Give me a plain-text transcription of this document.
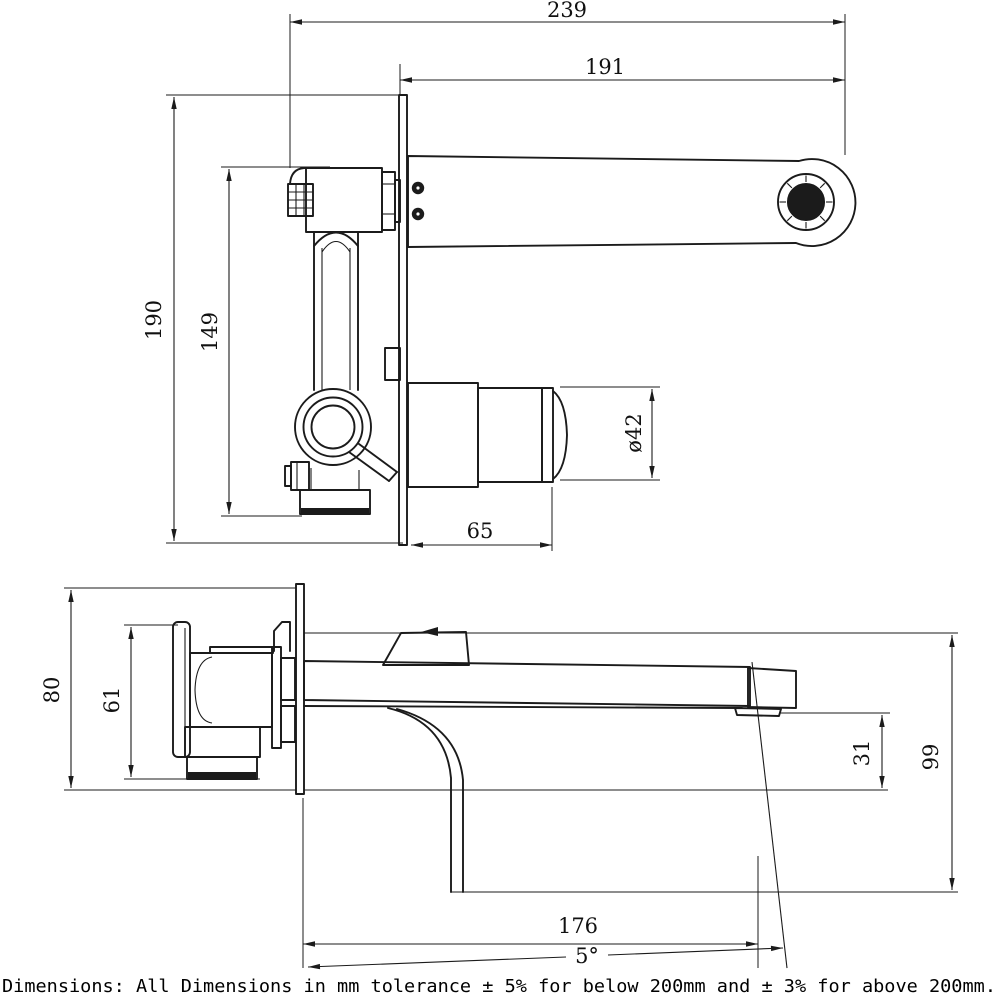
239
191
190 149
ø42
65
80 61
31 99
176
5°
Dimensions: All Dimensions in mm tolerance ± 5% for below 200mm and ± 3% for above 200mm.
